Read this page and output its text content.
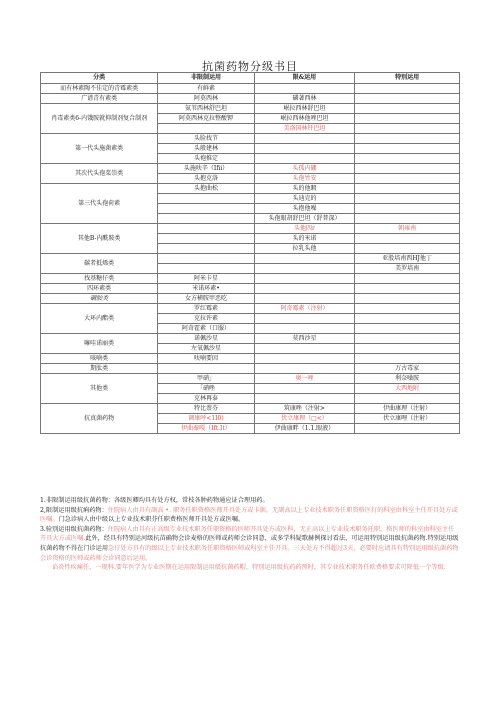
抗菌药物分级书目
分类	非限制运用	限&运用	特别运用
而有林素陶不佳定的青霉素类	有鲜素		
广谱青有素类	阿莫西林	磷著西林	
肖毒素类6-内饿胺就抑制剂复合制剂	氨苇西林舒巴坦	岷拉西林舒巴坦	
	阿莫西林克拉整酸钾	岷拉西林他唑巴坦	
		美洛国林钎巴坦	
第一代头施菌素类	头脸找节		
	头般建林		
	头袍推定		
其次代头孢菜崇类	头施呋辛（Ifii）	头孤内硼	
	头抱克洛	头孢竹安	
第三代头孢荷素	头抱曲松	头的他暇	
		头迪克的	
		头抱他噪	
		头孢眼胡舒巴坦（舒普深）	
其他B-内酰胺类		头他四r	朝雍南
		头的米诺	
		拉乳头他	
碳者抵烯类			亚股培南西HJ他丁
			美罗培南
找基糖仔类	阿米卡星		
四环素类	米诺环素•		
碉胺类	女方横胺甲恶吃		
大环内酯类	罗红霉素	阿奇霉素（注射）	
	克拉许素		
	阿奇霍素（口服）		
嘛哇诺丽类	诺佩沙星	莫西沙星	
	左氧佩沙星		
咳喃类	呋喃要因		
期肽类			万古毒家
其他类	甲硝」	奥一唑	利奈噪胺
	「硝唑		大西地附
	克林再泰		
抗真菌药物	特比萘芬	筑康唑（注射>	伊曲康理（注射）
	调康呼<1I0)	伏立康理（□<）	伏立康哩（注射）
	伊曲秦嘎（Ift.It）	伊曲康畔（1.1.眼液）	

1.非限制运用级抗菌药物：各级医卿均具有处方权，常枝各肿药物通应证合理用药。

2,限制运用级抗痢药物：住院病人由具有副高 •. 职务任职资格医师开具处方或卡据，无副高以上专业技术职务任职资格医打的科室由科室主任开具处方或医嘱。门急诊病人由中级以上专业技术职芬任职费格医师开具处方或医嘱。

3.验别运用级抗菌药物：住院病人由具有正高级专业技术职务任职资格的医师开具处方或医科，无正高以上专业技术职务托职，格医师的科室由科室主任开具大方或医嘱.此外，经具有特别运河级抗苗确物会诊麦格的医师或药师会诊同意，或多学科疑歌赫例探讨看法，可运用特别运用级抗菌药物.特别运用级抗菌药物不得在门诊运用急仔处方具有的级以上专业技术职务任职资格医师或科室主任开具。三天处方不得超过3天，必要时应请具有特别运用级抗菌药物会诊资格的医师或药师会诊同意后运用。

谄炎性疾痛任，一现科.要年医学为专业医期在运用限制运用级抗菌药帽、特别运用级抗药药预时，其专业技术职务任欧费格要求可降低一个等级.
